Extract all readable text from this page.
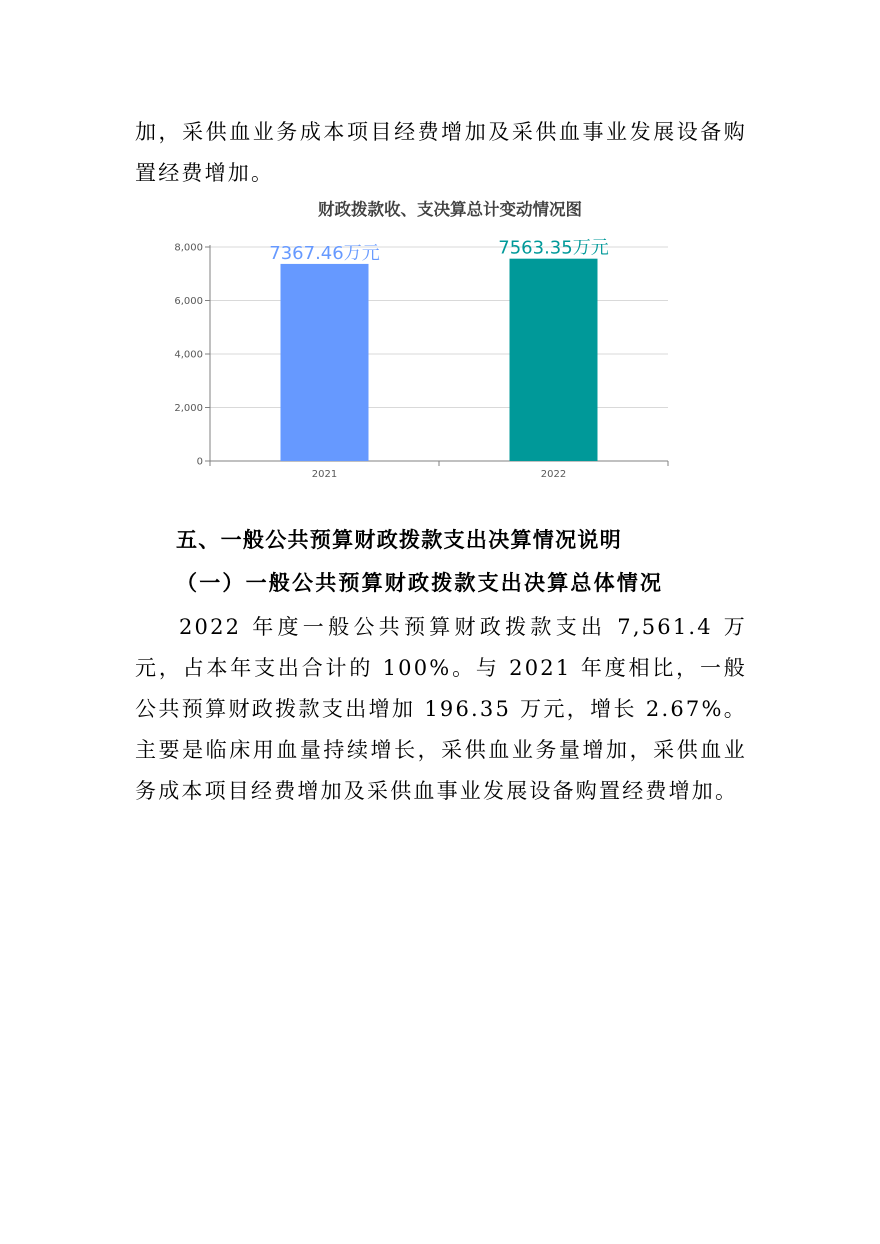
加，采供血业务成本项目经费增加及采供血事业发展设备购置经费增加。

财政拨款收、支决算总计变动情况图

0
2,000
4,000
6,000
8,000	7367.46万元
2021
7563.35万元
2022

五、一般公共预算财政拨款支出决算情况说明

（一）一般公共预算财政拨款支出决算总体情况

2022 年度一般公共预算财政拨款支出 7,561.4 万元，占本年支出合计的 100%。与 2021 年度相比，一般公共预算财政拨款支出增加 196.35 万元，增长 2.67%。主要是临床用血量持续增长，采供血业务量增加，采供血业务成本项目经费增加及采供血事业发展设备购置经费增加。
